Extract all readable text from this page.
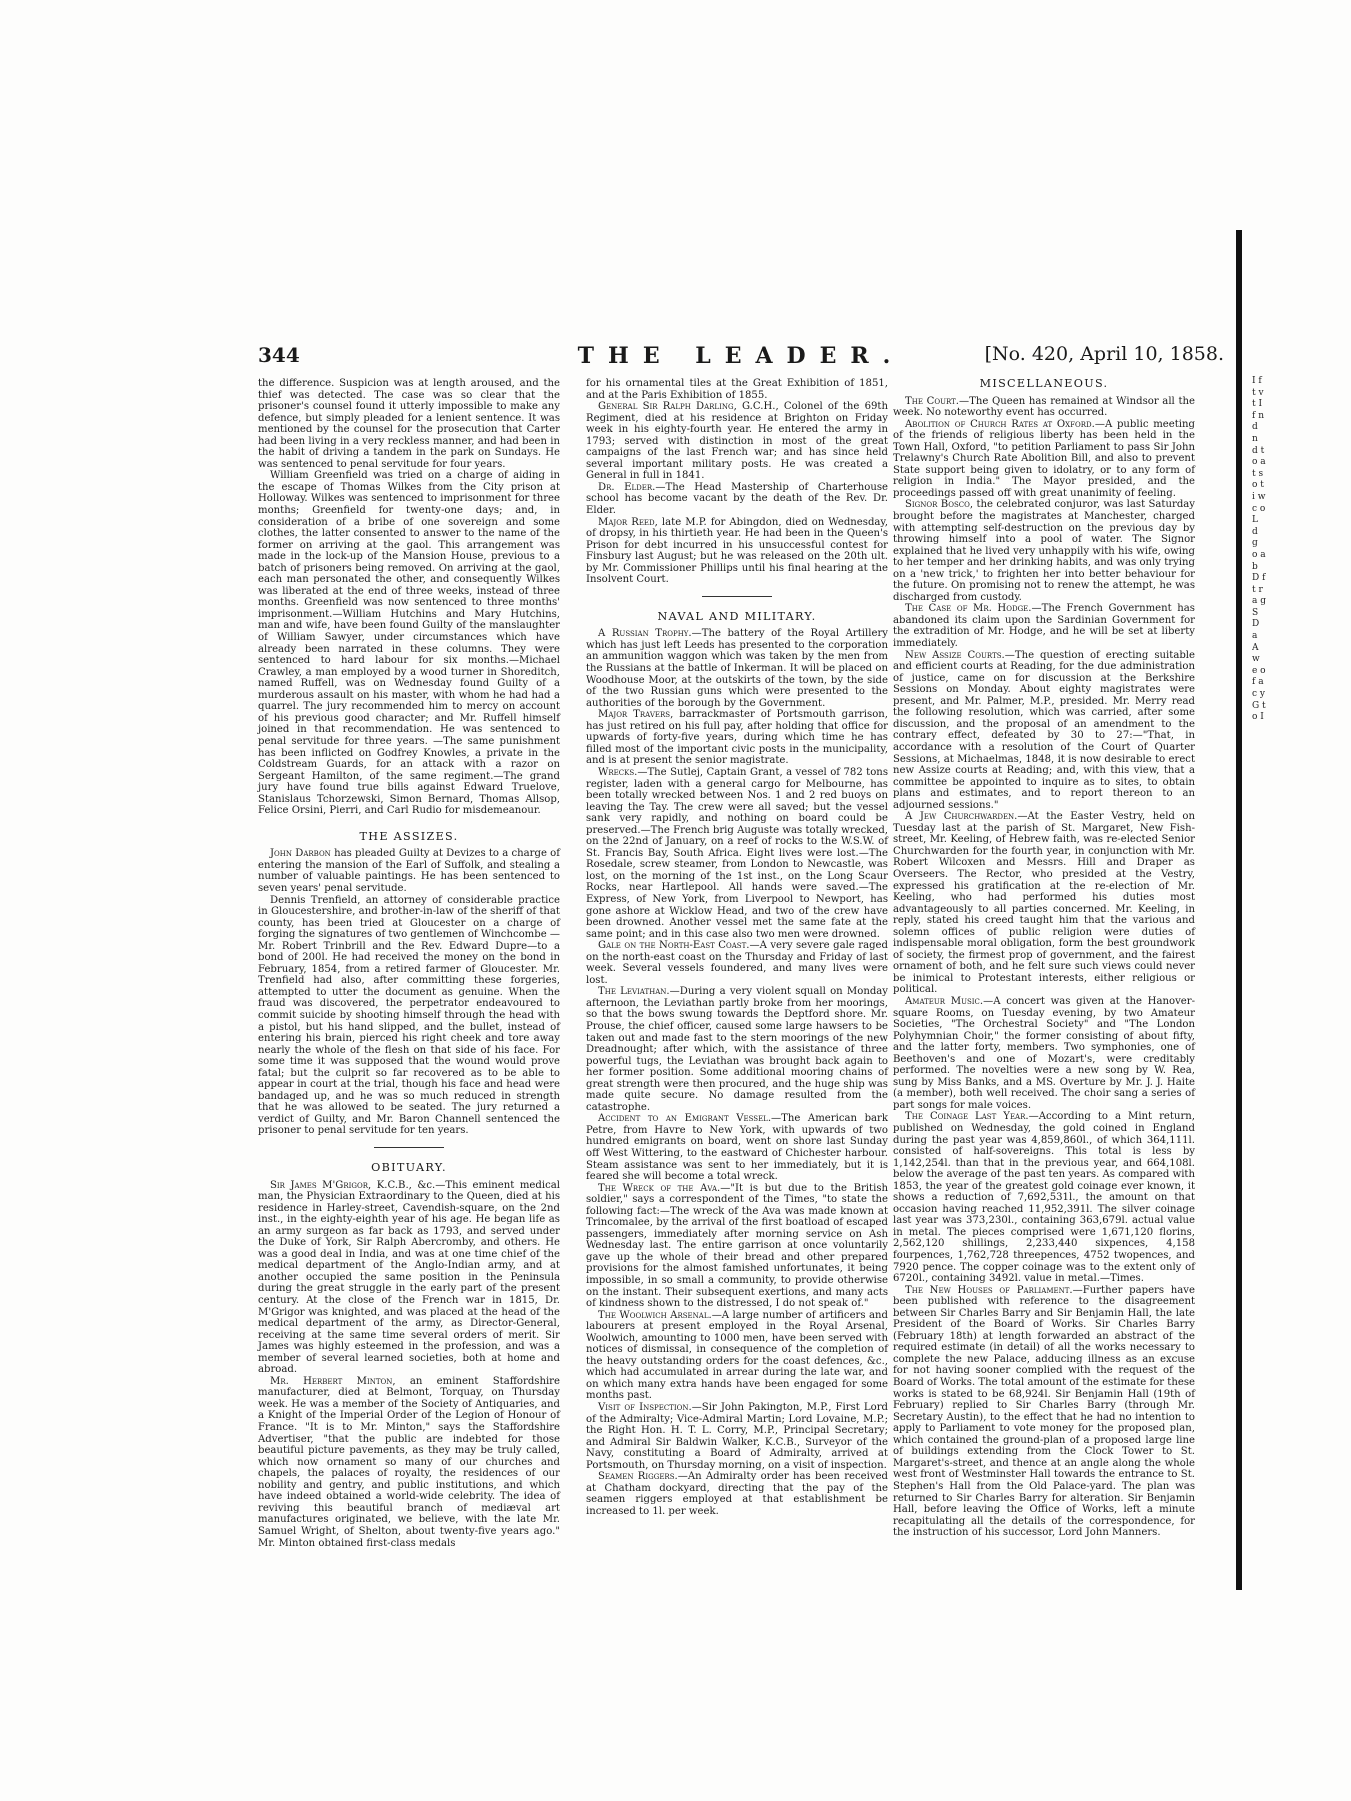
344	THE LEADER.	[No. 420, April 10, 1858.

the difference. Suspicion was at length aroused, and the thief was detected. The case was so clear that the prisoner's counsel found it utterly impossible to make any defence, but simply pleaded for a lenient sentence. It was mentioned by the counsel for the prosecution that Carter had been living in a very reckless manner, and had been in the habit of driving a tandem in the park on Sundays. He was sentenced to penal servitude for four years.

William Greenfield was tried on a charge of aiding in the escape of Thomas Wilkes from the City prison at Holloway. Wilkes was sentenced to imprisonment for three months; Greenfield for twenty-one days; and, in consideration of a bribe of one sovereign and some clothes, the latter consented to answer to the name of the former on arriving at the gaol. This arrangement was made in the lock-up of the Mansion House, previous to a batch of prisoners being removed. On arriving at the gaol, each man personated the other, and consequently Wilkes was liberated at the end of three weeks, instead of three months. Greenfield was now sentenced to three months' imprisonment.—William Hutchins and Mary Hutchins, man and wife, have been found Guilty of the manslaughter of William Sawyer, under circumstances which have already been narrated in these columns. They were sentenced to hard labour for six months.—Michael Crawley, a man employed by a wood turner in Shoreditch, named Ruffell, was on Wednesday found Guilty of a murderous assault on his master, with whom he had had a quarrel. The jury recommended him to mercy on account of his previous good character; and Mr. Ruffell himself joined in that recommendation. He was sentenced to penal servitude for three years. —The same punishment has been inflicted on Godfrey Knowles, a private in the Coldstream Guards, for an attack with a razor on Sergeant Hamilton, of the same regiment.—The grand jury have found true bills against Edward Truelove, Stanislaus Tchorzewski, Simon Bernard, Thomas Allsop, Felice Orsini, Pierri, and Carl Rudio for misdemeanour.

THE ASSIZES.

John Darbon has pleaded Guilty at Devizes to a charge of entering the mansion of the Earl of Suffolk, and stealing a number of valuable paintings. He has been sentenced to seven years' penal servitude.

Dennis Trenfield, an attorney of considerable practice in Gloucestershire, and brother-in-law of the sheriff of that county, has been tried at Gloucester on a charge of forging the signatures of two gentlemen of Winchcombe —Mr. Robert Trinbrill and the Rev. Edward Dupre—to a bond of 200l. He had received the money on the bond in February, 1854, from a retired farmer of Gloucester. Mr. Trenfield had also, after committing these forgeries, attempted to utter the document as genuine. When the fraud was discovered, the perpetrator endeavoured to commit suicide by shooting himself through the head with a pistol, but his hand slipped, and the bullet, instead of entering his brain, pierced his right cheek and tore away nearly the whole of the flesh on that side of his face. For some time it was supposed that the wound would prove fatal; but the culprit so far recovered as to be able to appear in court at the trial, though his face and head were bandaged up, and he was so much reduced in strength that he was allowed to be seated. The jury returned a verdict of Guilty, and Mr. Baron Channell sentenced the prisoner to penal servitude for ten years.

OBITUARY.

Sir James M'Grigor, K.C.B., &c.—This eminent medical man, the Physician Extraordinary to the Queen, died at his residence in Harley-street, Cavendish-square, on the 2nd inst., in the eighty-eighth year of his age. He began life as an army surgeon as far back as 1793, and served under the Duke of York, Sir Ralph Abercromby, and others. He was a good deal in India, and was at one time chief of the medical department of the Anglo-Indian army, and at another occupied the same position in the Peninsula during the great struggle in the early part of the present century. At the close of the French war in 1815, Dr. M'Grigor was knighted, and was placed at the head of the medical department of the army, as Director-General, receiving at the same time several orders of merit. Sir James was highly esteemed in the profession, and was a member of several learned societies, both at home and abroad.

Mr. Herbert Minton, an eminent Staffordshire manufacturer, died at Belmont, Torquay, on Thursday week. He was a member of the Society of Antiquaries, and a Knight of the Imperial Order of the Legion of Honour of France. "It is to Mr. Minton," says the Staffordshire Advertiser, "that the public are indebted for those beautiful picture pavements, as they may be truly called, which now ornament so many of our churches and chapels, the palaces of royalty, the residences of our nobility and gentry, and public institutions, and which have indeed obtained a world-wide celebrity. The idea of reviving this beautiful branch of mediæval art manufactures originated, we believe, with the late Mr. Samuel Wright, of Shelton, about twenty-five years ago." Mr. Minton obtained first-class medals

for his ornamental tiles at the Great Exhibition of 1851, and at the Paris Exhibition of 1855.

General Sir Ralph Darling, G.C.H., Colonel of the 69th Regiment, died at his residence at Brighton on Friday week in his eighty-fourth year. He entered the army in 1793; served with distinction in most of the great campaigns of the last French war; and has since held several important military posts. He was created a General in full in 1841.

Dr. Elder.—The Head Mastership of Charterhouse school has become vacant by the death of the Rev. Dr. Elder.

Major Reed, late M.P. for Abingdon, died on Wednesday, of dropsy, in his thirtieth year. He had been in the Queen's Prison for debt incurred in his unsuccessful contest for Finsbury last August; but he was released on the 20th ult. by Mr. Commissioner Phillips until his final hearing at the Insolvent Court.

NAVAL AND MILITARY.

A Russian Trophy.—The battery of the Royal Artillery which has just left Leeds has presented to the corporation an ammunition waggon which was taken by the men from the Russians at the battle of Inkerman. It will be placed on Woodhouse Moor, at the outskirts of the town, by the side of the two Russian guns which were presented to the authorities of the borough by the Government.

Major Travers, barrackmaster of Portsmouth garrison, has just retired on his full pay, after holding that office for upwards of forty-five years, during which time he has filled most of the important civic posts in the municipality, and is at present the senior magistrate.

Wrecks.—The Sutlej, Captain Grant, a vessel of 782 tons register, laden with a general cargo for Melbourne, has been totally wrecked between Nos. 1 and 2 red buoys on leaving the Tay. The crew were all saved; but the vessel sank very rapidly, and nothing on board could be preserved.—The French brig Auguste was totally wrecked, on the 22nd of January, on a reef of rocks to the W.S.W. of St. Francis Bay, South Africa. Eight lives were lost.—The Rosedale, screw steamer, from London to Newcastle, was lost, on the morning of the 1st inst., on the Long Scaur Rocks, near Hartlepool. All hands were saved.—The Express, of New York, from Liverpool to Newport, has gone ashore at Wicklow Head, and two of the crew have been drowned. Another vessel met the same fate at the same point; and in this case also two men were drowned.

Gale on the North-East Coast.—A very severe gale raged on the north-east coast on the Thursday and Friday of last week. Several vessels foundered, and many lives were lost.

The Leviathan.—During a very violent squall on Monday afternoon, the Leviathan partly broke from her moorings, so that the bows swung towards the Deptford shore. Mr. Prouse, the chief officer, caused some large hawsers to be taken out and made fast to the stern moorings of the new Dreadnought; after which, with the assistance of three powerful tugs, the Leviathan was brought back again to her former position. Some additional mooring chains of great strength were then procured, and the huge ship was made quite secure. No damage resulted from the catastrophe.

Accident to an Emigrant Vessel.—The American bark Petre, from Havre to New York, with upwards of two hundred emigrants on board, went on shore last Sunday off West Wittering, to the eastward of Chichester harbour. Steam assistance was sent to her immediately, but it is feared she will become a total wreck.

The Wreck of the Ava.—"It is but due to the British soldier," says a correspondent of the Times, "to state the following fact:—The wreck of the Ava was made known at Trincomalee, by the arrival of the first boatload of escaped passengers, immediately after morning service on Ash Wednesday last. The entire garrison at once voluntarily gave up the whole of their bread and other prepared provisions for the almost famished unfortunates, it being impossible, in so small a community, to provide otherwise on the instant. Their subsequent exertions, and many acts of kindness shown to the distressed, I do not speak of."

The Woolwich Arsenal.—A large number of artificers and labourers at present employed in the Royal Arsenal, Woolwich, amounting to 1000 men, have been served with notices of dismissal, in consequence of the completion of the heavy outstanding orders for the coast defences, &c., which had accumulated in arrear during the late war, and on which many extra hands have been engaged for some months past.

Visit of Inspection.—Sir John Pakington, M.P., First Lord of the Admiralty; Vice-Admiral Martin; Lord Lovaine, M.P.; the Right Hon. H. T. L. Corry, M.P., Principal Secretary; and Admiral Sir Baldwin Walker, K.C.B., Surveyor of the Navy, constituting a Board of Admiralty, arrived at Portsmouth, on Thursday morning, on a visit of inspection.

Seamen Riggers.—An Admiralty order has been received at Chatham dockyard, directing that the pay of the seamen riggers employed at that establishment be increased to 1l. per week.

MISCELLANEOUS.

The Court.—The Queen has remained at Windsor all the week. No noteworthy event has occurred.

Abolition of Church Rates at Oxford.—A public meeting of the friends of religious liberty has been held in the Town Hall, Oxford, "to petition Parliament to pass Sir John Trelawny's Church Rate Abolition Bill, and also to prevent State support being given to idolatry, or to any form of religion in India." The Mayor presided, and the proceedings passed off with great unanimity of feeling.

Signor Bosco, the celebrated conjuror, was last Saturday brought before the magistrates at Manchester, charged with attempting self-destruction on the previous day by throwing himself into a pool of water. The Signor explained that he lived very unhappily with his wife, owing to her temper and her drinking habits, and was only trying on a 'new trick,' to frighten her into better behaviour for the future. On promising not to renew the attempt, he was discharged from custody.

The Case of Mr. Hodge.—The French Government has abandoned its claim upon the Sardinian Government for the extradition of Mr. Hodge, and he will be set at liberty immediately.

New Assize Courts.—The question of erecting suitable and efficient courts at Reading, for the due administration of justice, came on for discussion at the Berkshire Sessions on Monday. About eighty magistrates were present, and Mr. Palmer, M.P., presided. Mr. Merry read the following resolution, which was carried, after some discussion, and the proposal of an amendment to the contrary effect, defeated by 30 to 27:—"That, in accordance with a resolution of the Court of Quarter Sessions, at Michaelmas, 1848, it is now desirable to erect new Assize courts at Reading; and, with this view, that a committee be appointed to inquire as to sites, to obtain plans and estimates, and to report thereon to an adjourned sessions."

A Jew Churchwarden.—At the Easter Vestry, held on Tuesday last at the parish of St. Margaret, New Fish-street, Mr. Keeling, of Hebrew faith, was re-elected Senior Churchwarden for the fourth year, in conjunction with Mr. Robert Wilcoxen and Messrs. Hill and Draper as Overseers. The Rector, who presided at the Vestry, expressed his gratification at the re-election of Mr. Keeling, who had performed his duties most advantageously to all parties concerned. Mr. Keeling, in reply, stated his creed taught him that the various and solemn offices of public religion were duties of indispensable moral obligation, form the best groundwork of society, the firmest prop of government, and the fairest ornament of both, and he felt sure such views could never be inimical to Protestant interests, either religious or political.

Amateur Music.—A concert was given at the Hanover-square Rooms, on Tuesday evening, by two Amateur Societies, "The Orchestral Society" and "The London Polyhymnian Choir," the former consisting of about fifty, and the latter forty, members. Two symphonies, one of Beethoven's and one of Mozart's, were creditably performed. The novelties were a new song by W. Rea, sung by Miss Banks, and a MS. Overture by Mr. J. J. Haite (a member), both well received. The choir sang a series of part songs for male voices.

The Coinage Last Year.—According to a Mint return, published on Wednesday, the gold coined in England during the past year was 4,859,860l., of which 364,111l. consisted of half-sovereigns. This total is less by 1,142,254l. than that in the previous year, and 664,108l. below the average of the past ten years. As compared with 1853, the year of the greatest gold coinage ever known, it shows a reduction of 7,692,531l., the amount on that occasion having reached 11,952,391l. The silver coinage last year was 373,230l., containing 363,679l. actual value in metal. The pieces comprised were 1,671,120 florins, 2,562,120 shillings, 2,233,440 sixpences, 4,158 fourpences, 1,762,728 threepences, 4752 twopences, and 7920 pence. The copper coinage was to the extent only of 6720l., containing 3492l. value in metal.—Times.

The New Houses of Parliament.—Further papers have been published with reference to the disagreement between Sir Charles Barry and Sir Benjamin Hall, the late President of the Board of Works. Sir Charles Barry (February 18th) at length forwarded an abstract of the required estimate (in detail) of all the works necessary to complete the new Palace, adducing illness as an excuse for not having sooner complied with the request of the Board of Works. The total amount of the estimate for these works is stated to be 68,924l. Sir Benjamin Hall (19th of February) replied to Sir Charles Barry (through Mr. Secretary Austin), to the effect that he had no intention to apply to Parliament to vote money for the proposed plan, which contained the ground-plan of a proposed large line of buildings extending from the Clock Tower to St. Margaret's-street, and thence at an angle along the whole west front of Westminster Hall towards the entrance to St. Stephen's Hall from the Old Palace-yard. The plan was returned to Sir Charles Barry for alteration. Sir Benjamin Hall, before leaving the Office of Works, left a minute recapitulating all the details of the correspondence, for the instruction of his successor, Lord John Manners.

I f t v t I f n d n d t o a t s o t i w c o L d g o a b D f t r a g S D a A w e o f a c y G t o I
